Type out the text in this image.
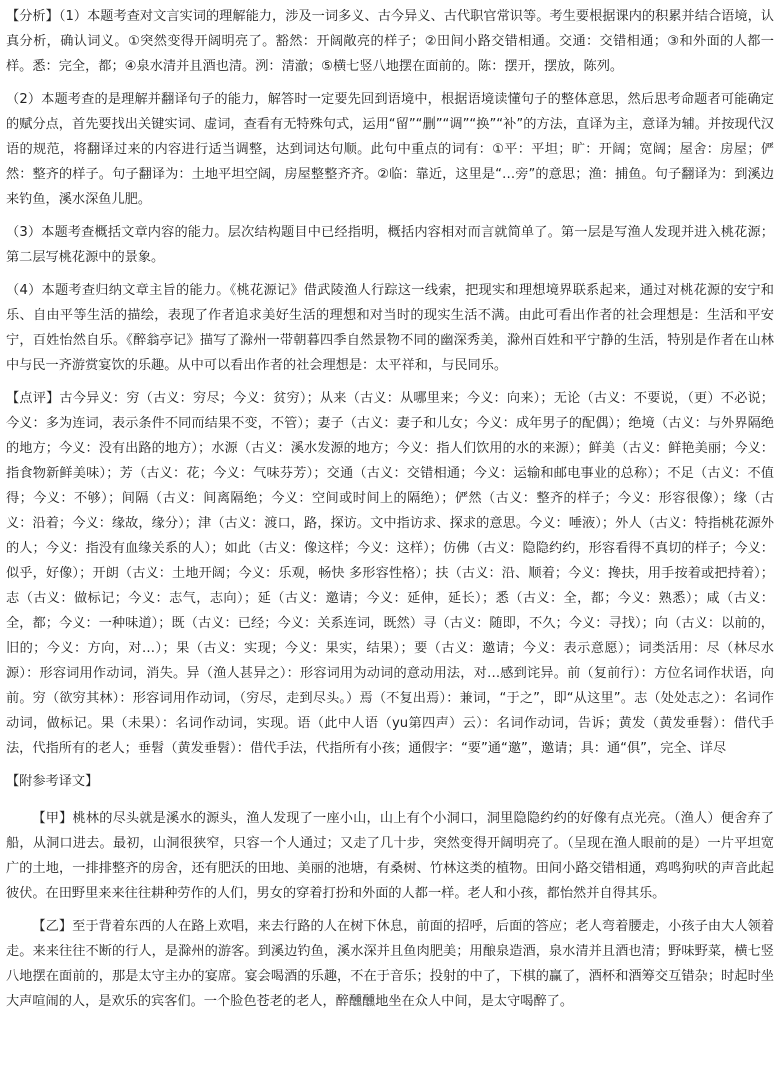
【分析】（1）本题考查对文言实词的理解能力，涉及一词多义、古今异义、古代职官常识等。考生要根据课内的积累并结合语境，认真分析，确认词义。①突然变得开阔明亮了。豁然：开阔敞亮的样子；②田间小路交错相通。交通：交错相通；③和外面的人都一样。悉：完全，都；④泉水清并且酒也清。洌：清澈；⑤横七竖八地摆在面前的。陈：摆开，摆放，陈列。

（2）本题考查的是理解并翻译句子的能力，解答时一定要先回到语境中，根据语境读懂句子的整体意思，然后思考命题者可能确定的赋分点，首先要找出关键实词、虚词，查看有无特殊句式，运用“留”“删”“调”“换”“补”的方法，直译为主，意译为辅。并按现代汉语的规范，将翻译过来的内容进行适当调整，达到词达句顺。此句中重点的词有：①平：平坦；旷：开阔；宽阔；屋舍：房屋；俨然：整齐的样子。句子翻译为：土地平坦空阔，房屋整整齐齐。②临：靠近，这里是“…旁”的意思；渔：捕鱼。句子翻译为：到溪边来钓鱼，溪水深鱼儿肥。

（3）本题考查概括文章内容的能力。层次结构题目中已经指明，概括内容相对而言就简单了。第一层是写渔人发现并进入桃花源；第二层写桃花源中的景象。

（4）本题考查归纳文章主旨的能力。《桃花源记》借武陵渔人行踪这一线索，把现实和理想境界联系起来，通过对桃花源的安宁和乐、自由平等生活的描绘，表现了作者追求美好生活的理想和对当时的现实生活不满。由此可看出作者的社会理想是：生活和平安宁，百姓怡然自乐。《醉翁亭记》描写了滁州一带朝暮四季自然景物不同的幽深秀美，滁州百姓和平宁静的生活，特别是作者在山林中与民一齐游赏宴饮的乐趣。从中可以看出作者的社会理想是：太平祥和，与民同乐。

【点评】古今异义：穷（古义：穷尽；今义：贫穷）；从来（古义：从哪里来；今义：向来）；无论（古义：不要说，（更）不必说；今义：多为连词，表示条件不同而结果不变，不管）；妻子（古义：妻子和儿女；今义：成年男子的配偶）；绝境（古义：与外界隔绝的地方；今义：没有出路的地方）；水源（古义：溪水发源的地方；今义：指人们饮用的水的来源）；鲜美（古义：鲜艳美丽；今义：指食物新鲜美味）；芳（古义：花；今义：气味芬芳）；交通（古义：交错相通；今义：运输和邮电事业的总称）；不足（古义：不值得；今义：不够）；间隔（古义：间离隔绝；今义：空间或时间上的隔绝）；俨然（古义：整齐的样子；今义：形容很像）；缘（古义：沿着；今义：缘故，缘分）；津（古义：渡口，路，探访。文中指访求、探求的意思。今义：唾液）；外人（古义：特指桃花源外的人；今义：指没有血缘关系的人）；如此（古义：像这样；今义：这样）；仿佛（古义：隐隐约约，形容看得不真切的样子；今义：似乎，好像）；开朗（古义：土地开阔；今义：乐观，畅快 多形容性格）；扶（古义：沿、顺着；今义：搀扶，用手按着或把持着）；志（古义：做标记；今义：志气，志向）；延（古义：邀请；今义：延伸，延长）；悉（古义：全，都；今义：熟悉）；咸（古义：全，都；今义：一种味道）；既（古义：已经；今义：关系连词，既然）寻（古义：随即，不久；今义：寻找）；向（古义：以前的，旧的；今义：方向，对…）；果（古义：实现；今义：果实，结果）；要（古义：邀请；今义：表示意愿）；词类活用：尽（林尽水源）：形容词用作动词，消失。异（渔人甚异之）：形容词用为动词的意动用法，对…感到诧异。前（复前行）：方位名词作状语，向前。穷（欲穷其林）：形容词用作动词，（穷尽，走到尽头。）焉（不复出焉）：兼词，“于之”，即“从这里”。志（处处志之）：名词作动词，做标记。果（未果）：名词作动词，实现。语（此中人语（yu第四声）云）：名词作动词，告诉；黄发（黄发垂髫）：借代手法，代指所有的老人；垂髫（黄发垂髫）：借代手法，代指所有小孩；通假字：“要”通“邀”，邀请；具：通“俱”，完全、详尽

【附参考译文】

【甲】桃林的尽头就是溪水的源头，渔人发现了一座小山，山上有个小洞口，洞里隐隐约约的好像有点光亮。（渔人）便舍弃了船，从洞口进去。最初，山洞很狭窄，只容一个人通过；又走了几十步，突然变得开阔明亮了。（呈现在渔人眼前的是）一片平坦宽广的土地，一排排整齐的房舍，还有肥沃的田地、美丽的池塘，有桑树、竹林这类的植物。田间小路交错相通，鸡鸣狗吠的声音此起彼伏。在田野里来来往往耕种劳作的人们，男女的穿着打扮和外面的人都一样。老人和小孩，都怡然并自得其乐。

【乙】至于背着东西的人在路上欢唱，来去行路的人在树下休息，前面的招呼，后面的答应；老人弯着腰走，小孩子由大人领着走。来来往往不断的行人，是滁州的游客。到溪边钓鱼，溪水深并且鱼肉肥美；用酿泉造酒，泉水清并且酒也清；野味野菜，横七竖八地摆在面前的，那是太守主办的宴席。宴会喝酒的乐趣，不在于音乐；投射的中了，下棋的赢了，酒杯和酒筹交互错杂；时起时坐大声喧闹的人，是欢乐的宾客们。一个脸色苍老的老人，醉醺醺地坐在众人中间，是太守喝醉了。
